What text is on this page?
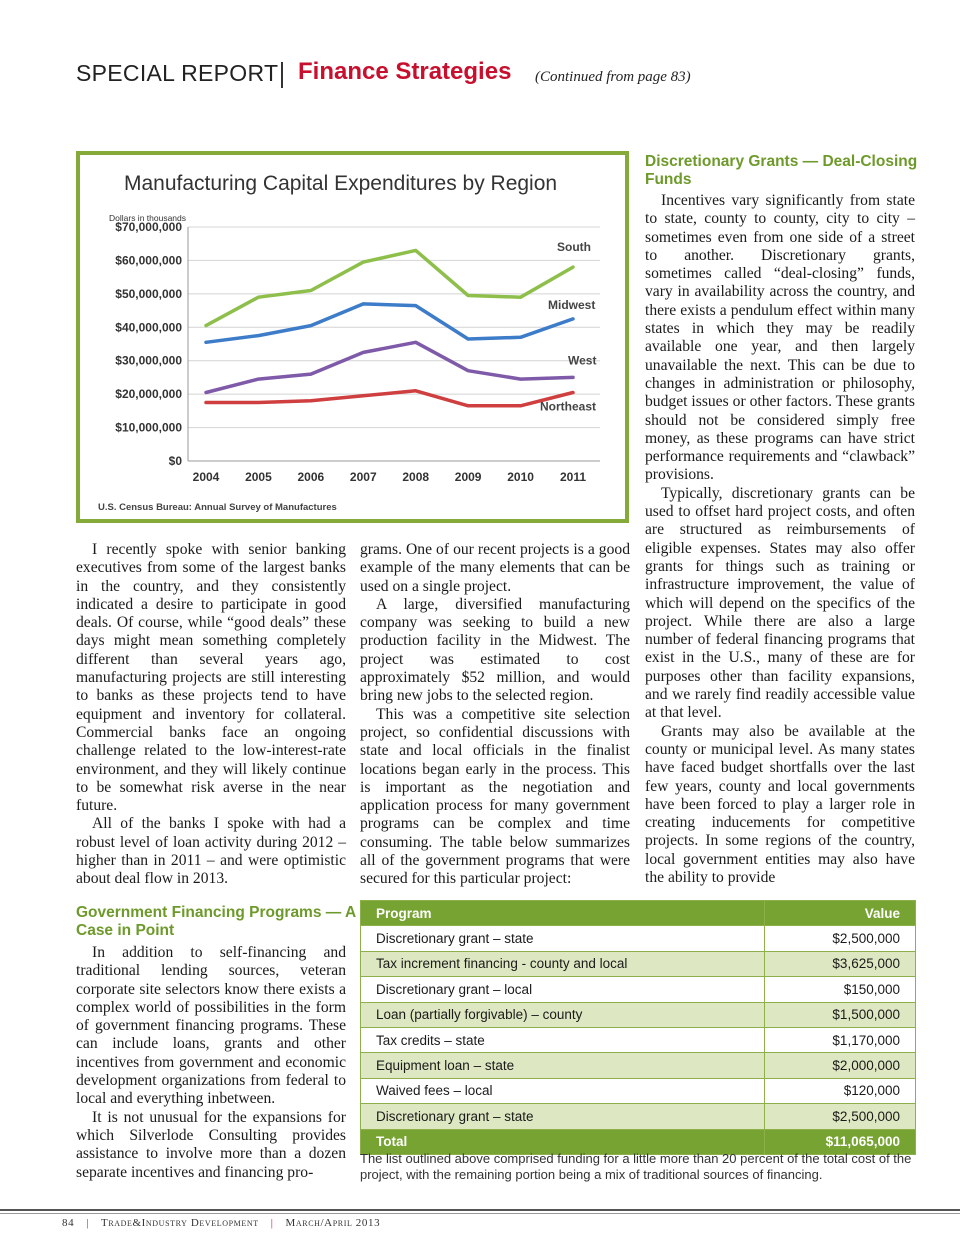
SPECIAL REPORT Finance Strategies (Continued from page 83)
Manufacturing Capital Expenditures by Region
Dollars in thousands
$0
$10,000,000
$20,000,000
$30,000,000
$40,000,000
$50,000,000
$60,000,000
$70,000,000
2004 2005 2006 2007 2008 2009 2010 2011
South
Midwest
West
Northeast
U.S. Census Bureau: Annual Survey of Manufactures

I recently spoke with senior banking executives from some of the largest banks in the country, and they consistently indicated a desire to participate in good deals. Of course, while “good deals” these days might mean something completely different than several years ago, manufacturing projects are still interesting to banks as these projects tend to have equipment and inventory for collateral. Commercial banks face an ongoing challenge related to the low-interest-rate environment, and they will likely continue to be somewhat risk averse in the near future.

All of the banks I spoke with had a robust level of loan activity during 2012 – higher than in 2011 – and were optimistic about deal flow in 2013.

Government Financing Programs — A Case in Point

In addition to self-financing and traditional lending sources, veteran corporate site selectors know there exists a complex world of possibilities in the form of government financing programs. These can include loans, grants and other incentives from government and economic development organizations from federal to local and everything inbetween.

It is not unusual for the expansions for which Silverlode Consulting provides assistance to involve more than a dozen separate incentives and financing pro-

grams. One of our recent projects is a good example of the many elements that can be used on a single project.

A large, diversified manufacturing company was seeking to build a new production facility in the Midwest. The project was estimated to cost approximately $52 million, and would bring new jobs to the selected region.

This was a competitive site selection project, so confidential discussions with state and local officials in the finalist locations began early in the process. This is important as the negotiation and application process for many government programs can be complex and time consuming. The table below summarizes all of the government programs that were secured for this particular project:

Discretionary Grants — Deal-Closing Funds

Incentives vary significantly from state to state, county to county, city to city – sometimes even from one side of a street to another. Discretionary grants, sometimes called “deal-closing” funds, vary in availability across the country, and there exists a pendulum effect within many states in which they may be readily available one year, and then largely unavailable the next. This can be due to changes in administration or philosophy, budget issues or other factors. These grants should not be considered simply free money, as these programs can have strict performance requirements and “clawback” provisions.

Typically, discretionary grants can be used to offset hard project costs, and often are structured as reimbursements of eligible expenses. States may also offer grants for things such as training or infrastructure improvement, the value of which will depend on the specifics of the project. While there are also a large number of federal financing programs that exist in the U.S., many of these are for purposes other than facility expansions, and we rarely find readily accessible value at that level.

Grants may also be available at the county or municipal level. As many states have faced budget shortfalls over the last few years, county and local governments have been forced to play a larger role in creating inducements for competitive projects. In some regions of the country, local government entities may also have the ability to provide

Program	Value
Discretionary grant – state	$2,500,000
Tax increment financing - county and local	$3,625,000
Discretionary grant – local	$150,000
Loan (partially forgivable) – county	$1,500,000
Tax credits – state	$1,170,000
Equipment loan – state	$2,000,000
Waived fees – local	$120,000
Discretionary grant – state	$2,500,000
Total	$11,065,000
The list outlined above comprised funding for a little more than 20 percent of the total cost of the project, with the remaining portion being a mix of traditional sources of financing.
84 | Trade&Industry Development | March/April 2013
